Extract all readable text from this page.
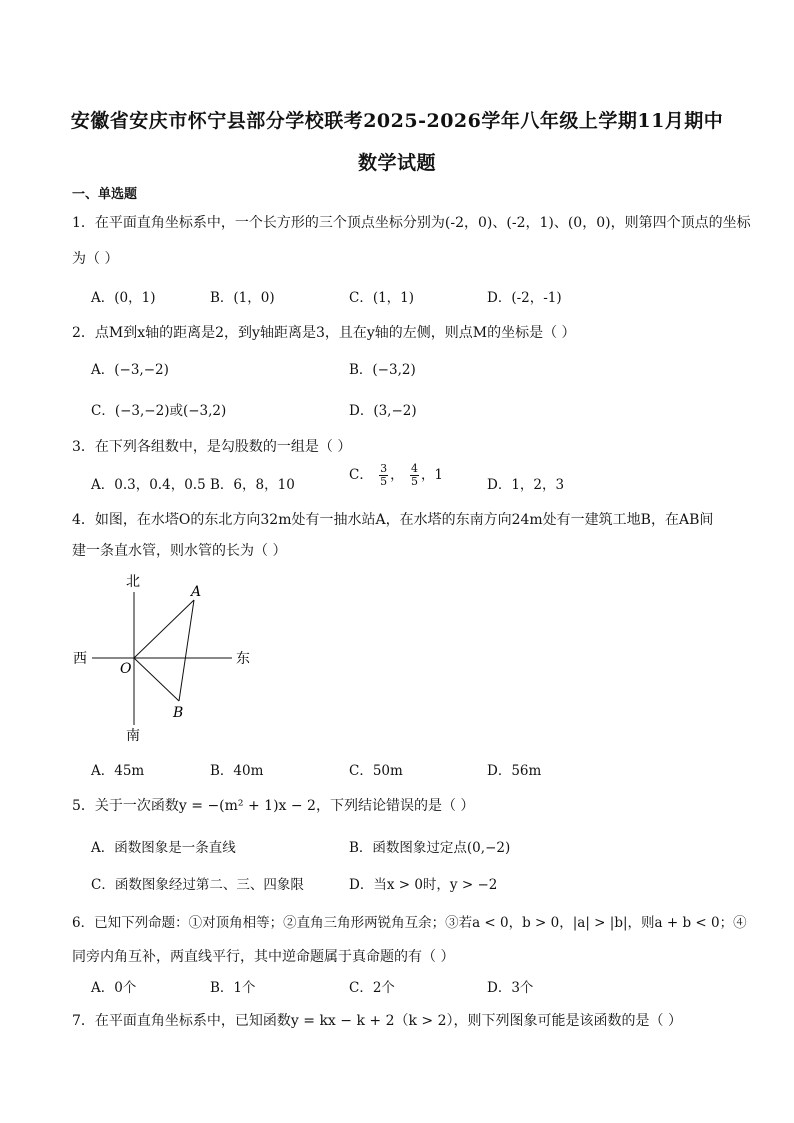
安徽省安庆市怀宁县部分学校联考2025-2026学年八年级上学期11月期中
数学试题
一、单选题
1．在平面直角坐标系中，一个长方形的三个顶点坐标分别为(-2，0)、(-2，1)、(0，0)，则第四个顶点的坐标
为（ ）
A．(0，1)	B．(1，0)	C．(1，1)	D．(-2，-1)
2．点M到x轴的距离是2，到y轴距离是3，且在y轴的左侧，则点M的坐标是（ ）
A．(−3,−2)	B．(−3,2)
C．(−3,−2)或(−3,2)	D．(3,−2)
3．在下列各组数中，是勾股数的一组是（ ）
A．0.3，0.4，0.5 B．6，8，10
C． $\frac{3}{5}$ ， $\frac{4}{5}$ ，1
D．1，2，3
4．如图，在水塔O的东北方向32m处有一抽水站A，在水塔的东南方向24m处有一建筑工地B，在AB间
建一条直水管，则水管的长为（ ）
北
南
西	东
O
A
B
A．45m	B．40m	C．50m	D．56m
5．关于一次函数y = −(m² + 1)x − 2，下列结论错误的是（ ）
A．函数图象是一条直线	B．函数图象过定点(0,−2)
C．函数图象经过第二、三、四象限	D．当x > 0时，y > −2
6．已知下列命题：①对顶角相等；②直角三角形两锐角互余；③若a < 0，b > 0，|a| > |b|，则a + b < 0；④
同旁内角互补，两直线平行，其中逆命题属于真命题的有（ ）
A．0个	B．1个	C．2个	D．3个
7．在平面直角坐标系中，已知函数y = kx − k + 2（k > 2），则下列图象可能是该函数的是（ ）
